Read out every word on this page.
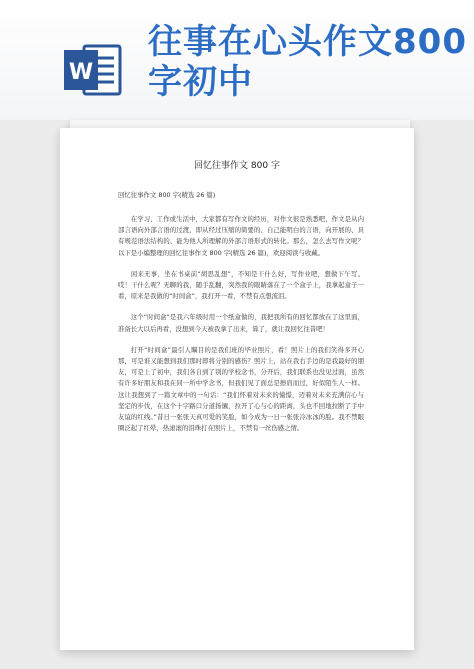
W
往事在心头作文800字初中
回忆往事作文 800 字
回忆往事作文 800 字(精选 26 篇)

在学习、工作或生活中，大家都有写作文的经历，对作文很是熟悉吧，作文是从内部言语向外部言语的过渡，即从经过压缩的简要的、自己能明白的言语，向开展的、具有规范语法结构的、能为他人所理解的外部言语形式的转化。那么，怎么去写作文呢？以下是小编整理的回忆往事作文 800 字(精选 26 篇)，欢迎阅读与收藏。

闲来无事，坐在书桌前“胡思乱想”，不知是干什么好，写作业吧，想做下午写。哎！干什么呢？无聊的我，随手乱翻，突然我的眼睛落在了一个盒子上，我拿起盒子一看，原来是我做的“时间盒”，我打开一看，不禁有点想流泪。

这个“时间盒”是我六年级时用一个纸盒做的，我把我所有的回忆都放在了这里面，准备长大以后再看，没想到今天被我拿了出来，算了，就让我回忆往昔吧！

打开“时间盒”最引人瞩目的是我们班的毕业照片，看！照片上的我们笑得多开心那，可是谁又能想到我们那时即将分别的感伤？照片上，站在我右手边的是我最好的朋友，可是上了初中，我们各自到了别的学校念书，分开后，我们联系也没见过面，虽然有许多好朋友和我在同一所中学念书，但我们见了面总是擦肩而过，好似陌生人一样。这让我想到了一篇文章中的一句话：“我们怀着对未来的憧憬，迈着对未来充满信心与坚定的步伐，在这个十字路口分道扬镳，拉开了心与心的距离，头也不回地拉断了手中友谊的红线。”昔日一张张天真可爱的笑脸，如今成为一日一张张冷冰冰的脸。我不禁眼圈泛起了红晕，热滚滚的泪珠打在照片上，不禁有一丝伤感之情。
